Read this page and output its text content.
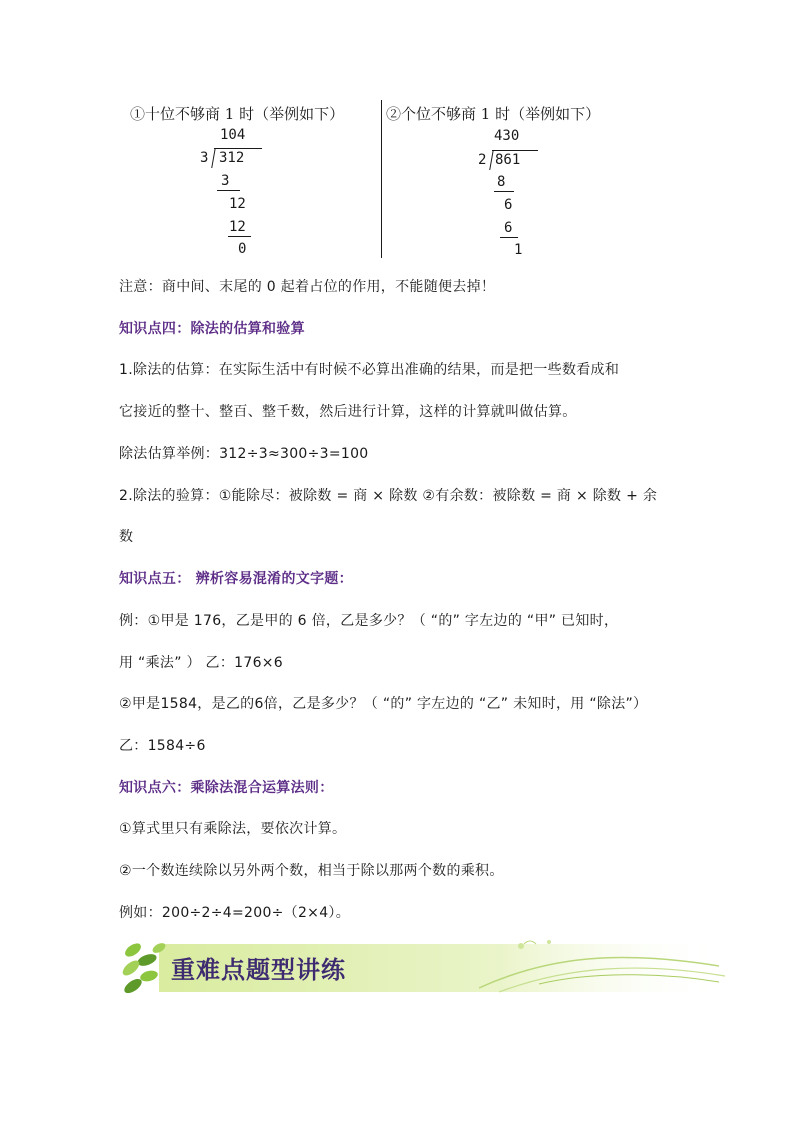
①十位不够商 1 时（举例如下）	②个位不够商 1 时（举例如下）
104
3 312
3
12
12
0
430
2 861
8
6
6
1
注意：商中间、末尾的 0 起着占位的作用，不能随便去掉！
知识点四：除法的估算和验算
1.除法的估算：在实际生活中有时候不必算出准确的结果，而是把一些数看成和
它接近的整十、整百、整千数，然后进行计算，这样的计算就叫做估算。
除法估算举例：312÷3≈300÷3=100
2.除法的验算：①能除尽：被除数 = 商 × 除数 ②有余数：被除数 = 商 × 除数 + 余
数
知识点五： 辨析容易混淆的文字题：
例：①甲是 176，乙是甲的 6 倍，乙是多少？（ “的” 字左边的 “甲” 已知时，
用 “乘法” ） 乙：176×6
②甲是1584，是乙的6倍，乙是多少？（ “的” 字左边的 “乙” 未知时，用 “除法”）
乙：1584÷6
知识点六：乘除法混合运算法则：
①算式里只有乘除法，要依次计算。
②一个数连续除以另外两个数，相当于除以那两个数的乘积。
例如：200÷2÷4=200÷（2×4）。
重难点题型讲练
